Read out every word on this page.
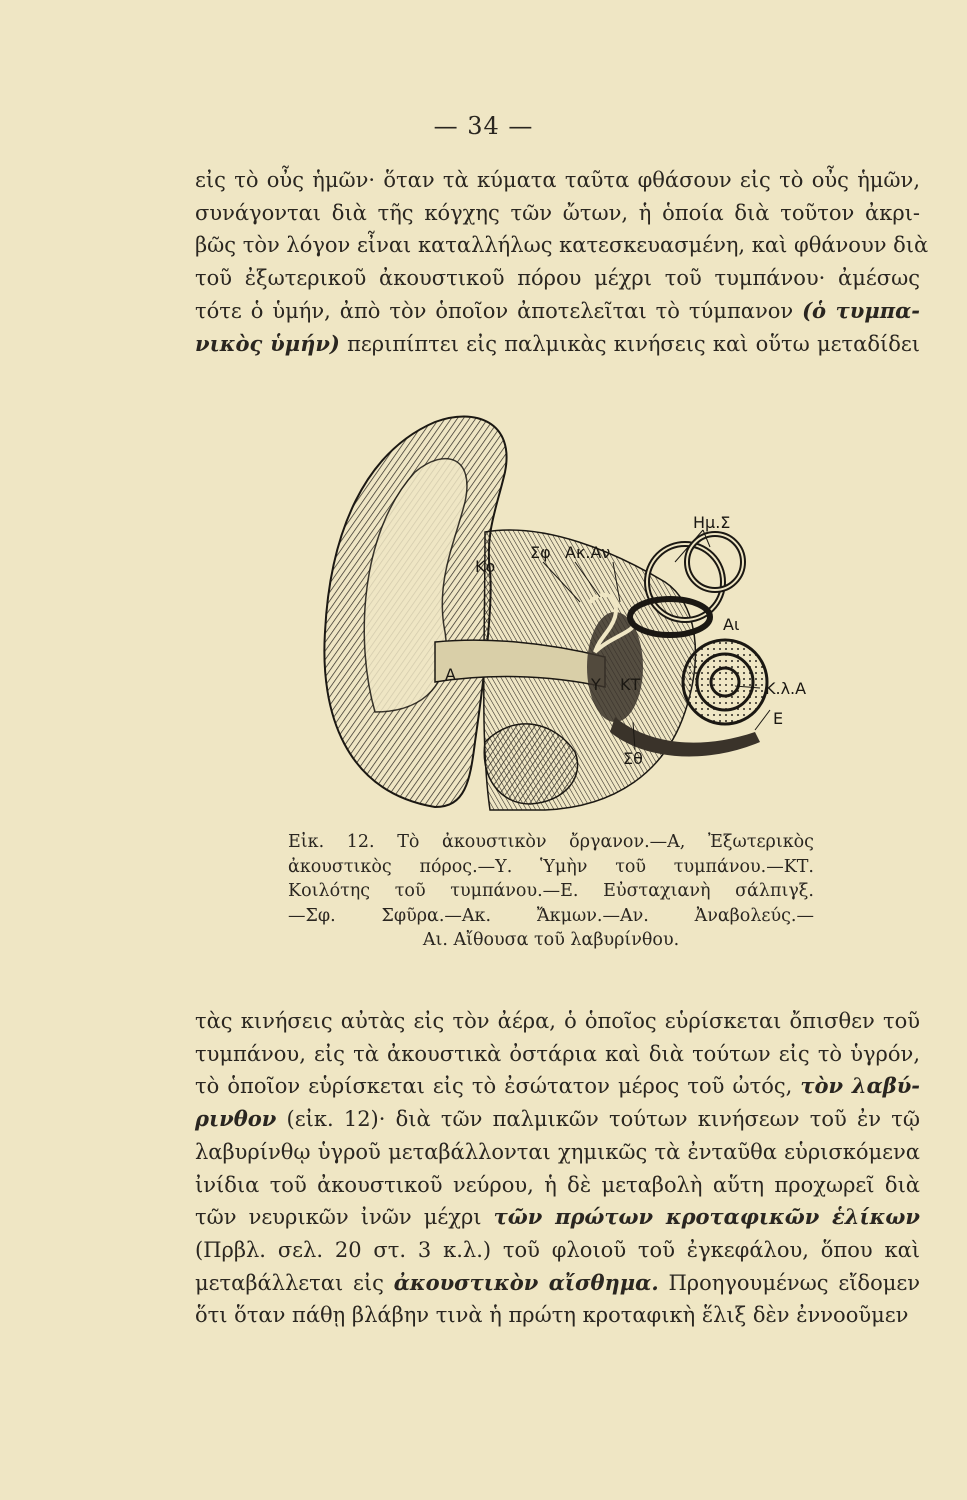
— 34 —
εἰς τὸ οὖς ἡμῶν· ὅταν τὰ κύματα ταῦτα φθάσουν εἰς τὸ οὖς ἡμῶν,
συνάγονται διὰ τῆς κόγχης τῶν ὤτων, ἡ ὁποία διὰ τοῦτον ἀκρι-
βῶς τὸν λόγον εἶναι καταλλήλως κατεσκευασμένη, καὶ φθάνουν διὰ
τοῦ ἐξωτερικοῦ ἀκουστικοῦ πόρου μέχρι τοῦ τυμπάνου· ἀμέσως
τότε ὁ ὑμήν, ἀπὸ τὸν ὁποῖον ἀποτελεῖται τὸ τύμπανον (ὁ τυμπα-
νικὸς ὑμήν) περιπίπτει εἰς παλμικὰς κινήσεις καὶ οὕτω μεταδίδει
Ημ.Σ
Σφ Ακ.Αν
Κο
Αι
Α
Υ ΚΤ	Κ.λ.Α
Ε
Σθ
Εἰκ. 12. Τὸ ἀκουστικὸν ὄργανον.—Α, Ἐξωτερικὸς
ἀκουστικὸς πόρος.—Υ. Ὑμὴν τοῦ τυμπάνου.—ΚΤ.
Κοιλότης τοῦ τυμπάνου.—Ε. Εὐσταχιανὴ σάλπιγξ.
—Σφ. Σφῦρα.—Ακ. Ἄκμων.—Αν. Ἀναβολεύς.—
Αι. Αἴθουσα τοῦ λαβυρίνθου.
τὰς κινήσεις αὐτὰς εἰς τὸν ἀέρα, ὁ ὁποῖος εὑρίσκεται ὄπισθεν τοῦ
τυμπάνου, εἰς τὰ ἀκουστικὰ ὀστάρια καὶ διὰ τούτων εἰς τὸ ὑγρόν,
τὸ ὁποῖον εὑρίσκεται εἰς τὸ ἐσώτατον μέρος τοῦ ὠτός, τὸν λαβύ-
ρινθον (εἰκ. 12)· διὰ τῶν παλμικῶν τούτων κινήσεων τοῦ ἐν τῷ
λαβυρίνθῳ ὑγροῦ μεταβάλλονται χημικῶς τὰ ἐνταῦθα εὑρισκόμενα
ἰνίδια τοῦ ἀκουστικοῦ νεύρου, ἡ δὲ μεταβολὴ αὕτη προχωρεῖ διὰ
τῶν νευρικῶν ἰνῶν μέχρι τῶν πρώτων κροταφικῶν ἑλίκων
(Πρβλ. σελ. 20 στ. 3 κ.λ.) τοῦ φλοιοῦ τοῦ ἐγκεφάλου, ὅπου καὶ
μεταβάλλεται εἰς ἀκουστικὸν αἴσθημα. Προηγουμένως εἴδομεν
ὅτι ὅταν πάθῃ βλάβην τινὰ ἡ πρώτη κροταφικὴ ἕλιξ δὲν ἐννοοῦμεν
